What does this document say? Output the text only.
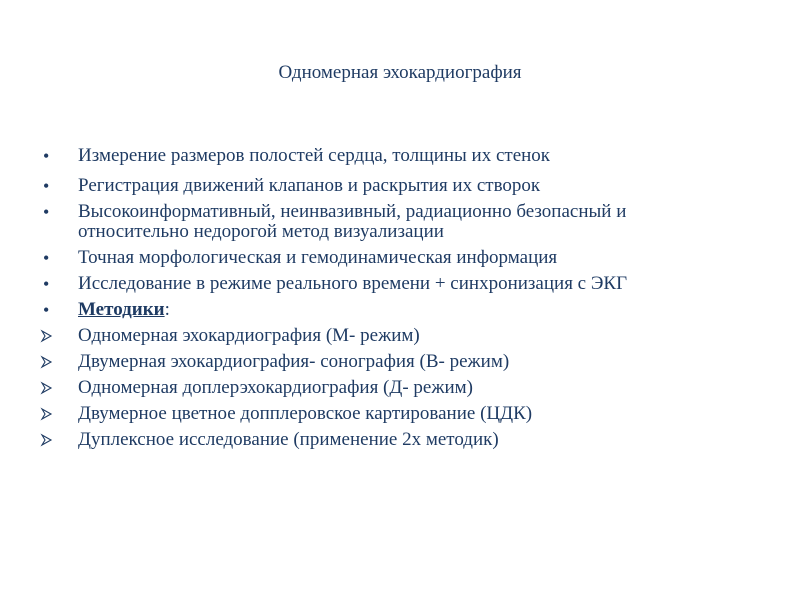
Одномерная эхокардиография
•	Измерение размеров полостей сердца, толщины их стенок
•	Регистрация движений клапанов и раскрытия их створок
•	Высокоинформативный, неинвазивный, радиационно безопасный и относительно недорогой метод визуализации
•	Точная морфологическая и гемодинамическая информация
•	Исследование в режиме реального времени + синхронизация с ЭКГ
•	Методики:
Одномерная эхокардиография (М- режим)
Двумерная эхокардиография- сонография (В- режим)
Одномерная доплерэхокардиография (Д- режим)
Двумерное цветное допплеровское картирование (ЦДК)
Дуплексное исследование (применение 2х методик)
